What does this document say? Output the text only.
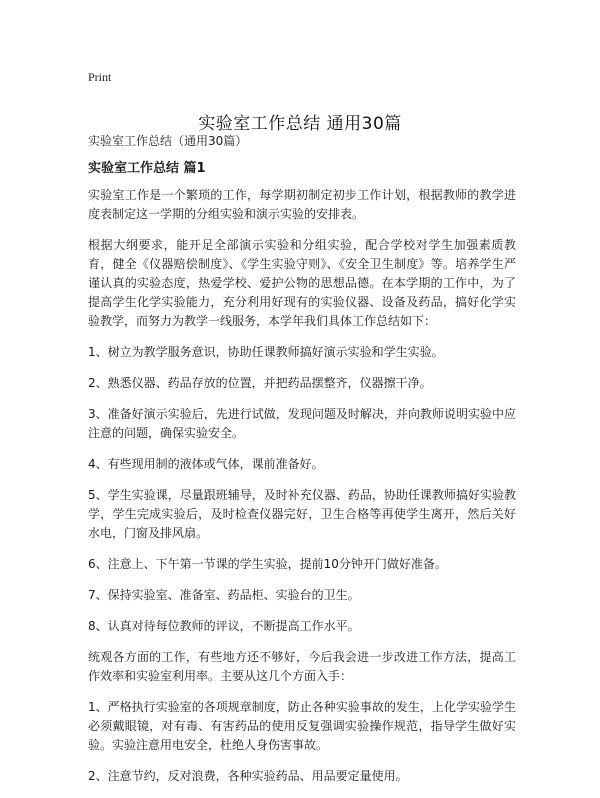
Print
实验室工作总结 通用30篇

实验室工作总结（通用30篇）

实验室工作总结 篇1

实验室工作是一个繁琐的工作，每学期初制定初步工作计划，根据教师的教学进度表制定这一学期的分组实验和演示实验的安排表。

根据大纲要求，能开足全部演示实验和分组实验，配合学校对学生加强素质教育，健全《仪器赔偿制度》、《学生实验守则》、《安全卫生制度》等。培养学生严谨认真的实验态度，热爱学校、爱护公物的思想品德。在本学期的工作中，为了提高学生化学实验能力，充分利用好现有的实验仪器、设备及药品，搞好化学实验教学，而努力为教学一线服务，本学年我们具体工作总结如下：

1、树立为教学服务意识，协助任课教师搞好演示实验和学生实验。

2、熟悉仪器、药品存放的位置，并把药品摆整齐，仪器擦干净。

3、准备好演示实验后，先进行试做，发现问题及时解决，并向教师说明实验中应注意的问题，确保实验安全。

4、有些现用制的液体或气体，课前准备好。

5、学生实验课，尽量跟班辅导，及时补充仪器、药品，协助任课教师搞好实验教学，学生完成实验后，及时检查仪器完好，卫生合格等再使学生离开，然后关好水电，门窗及排风扇。

6、注意上、下午第一节课的学生实验，提前10分钟开门做好准备。

7、保持实验室、准备室、药品柜、实验台的卫生。

8、认真对待每位教师的评议，不断提高工作水平。

统观各方面的工作，有些地方还不够好，今后我会进一步改进工作方法，提高工作效率和实验室利用率。主要从这几个方面入手：

1、严格执行实验室的各项规章制度，防止各种实验事故的发生，上化学实验学生必须戴眼镜，对有毒、有害药品的使用反复强调实验操作规范，指导学生做好实验。实验注意用电安全，杜绝人身伤害事故。

2、注意节约，反对浪费，各种实验药品、用品要定量使用。
